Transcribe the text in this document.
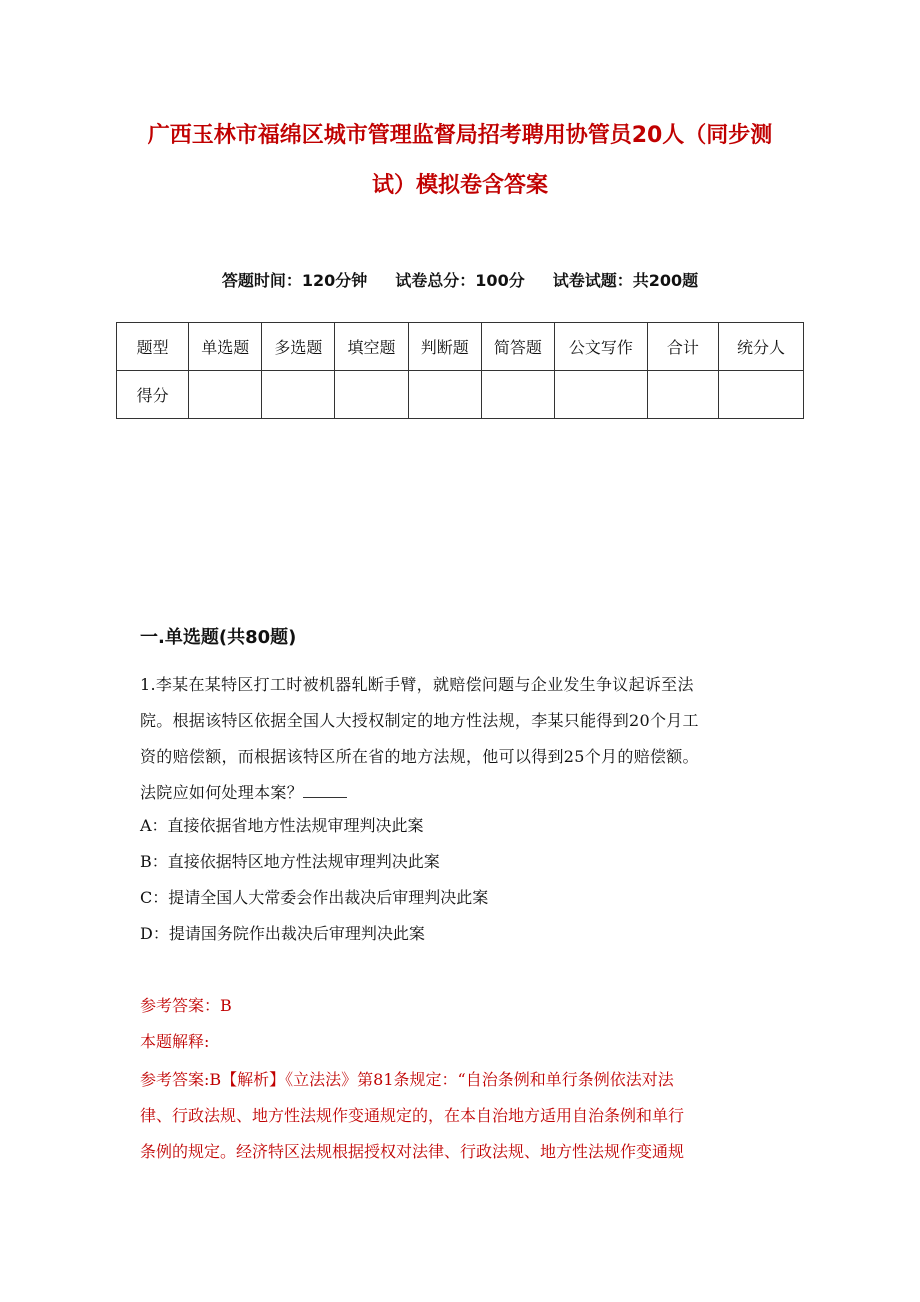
广西玉林市福绵区城市管理监督局招考聘用协管员20人（同步测
试）模拟卷含答案
答题时间：120分钟 试卷总分：100分 试卷试题：共200题
题型	单选题	多选题	填空题	判断题	简答题	公文写作	合计	统分人
得分								
一.单选题(共80题)
1.李某在某特区打工时被机器轧断手臂，就赔偿问题与企业发生争议起诉至法
院。根据该特区依据全国人大授权制定的地方性法规，李某只能得到20个月工
资的赔偿额，而根据该特区所在省的地方法规，他可以得到25个月的赔偿额。
法院应如何处理本案？
A：直接依据省地方性法规审理判决此案
B：直接依据特区地方性法规审理判决此案
C：提请全国人大常委会作出裁决后审理判决此案
D：提请国务院作出裁决后审理判决此案
参考答案：B
本题解释:
参考答案:B【解析】《立法法》第81条规定：“自治条例和单行条例依法对法
律、行政法规、地方性法规作变通规定的，在本自治地方适用自治条例和单行
条例的规定。经济特区法规根据授权对法律、行政法规、地方性法规作变通规
